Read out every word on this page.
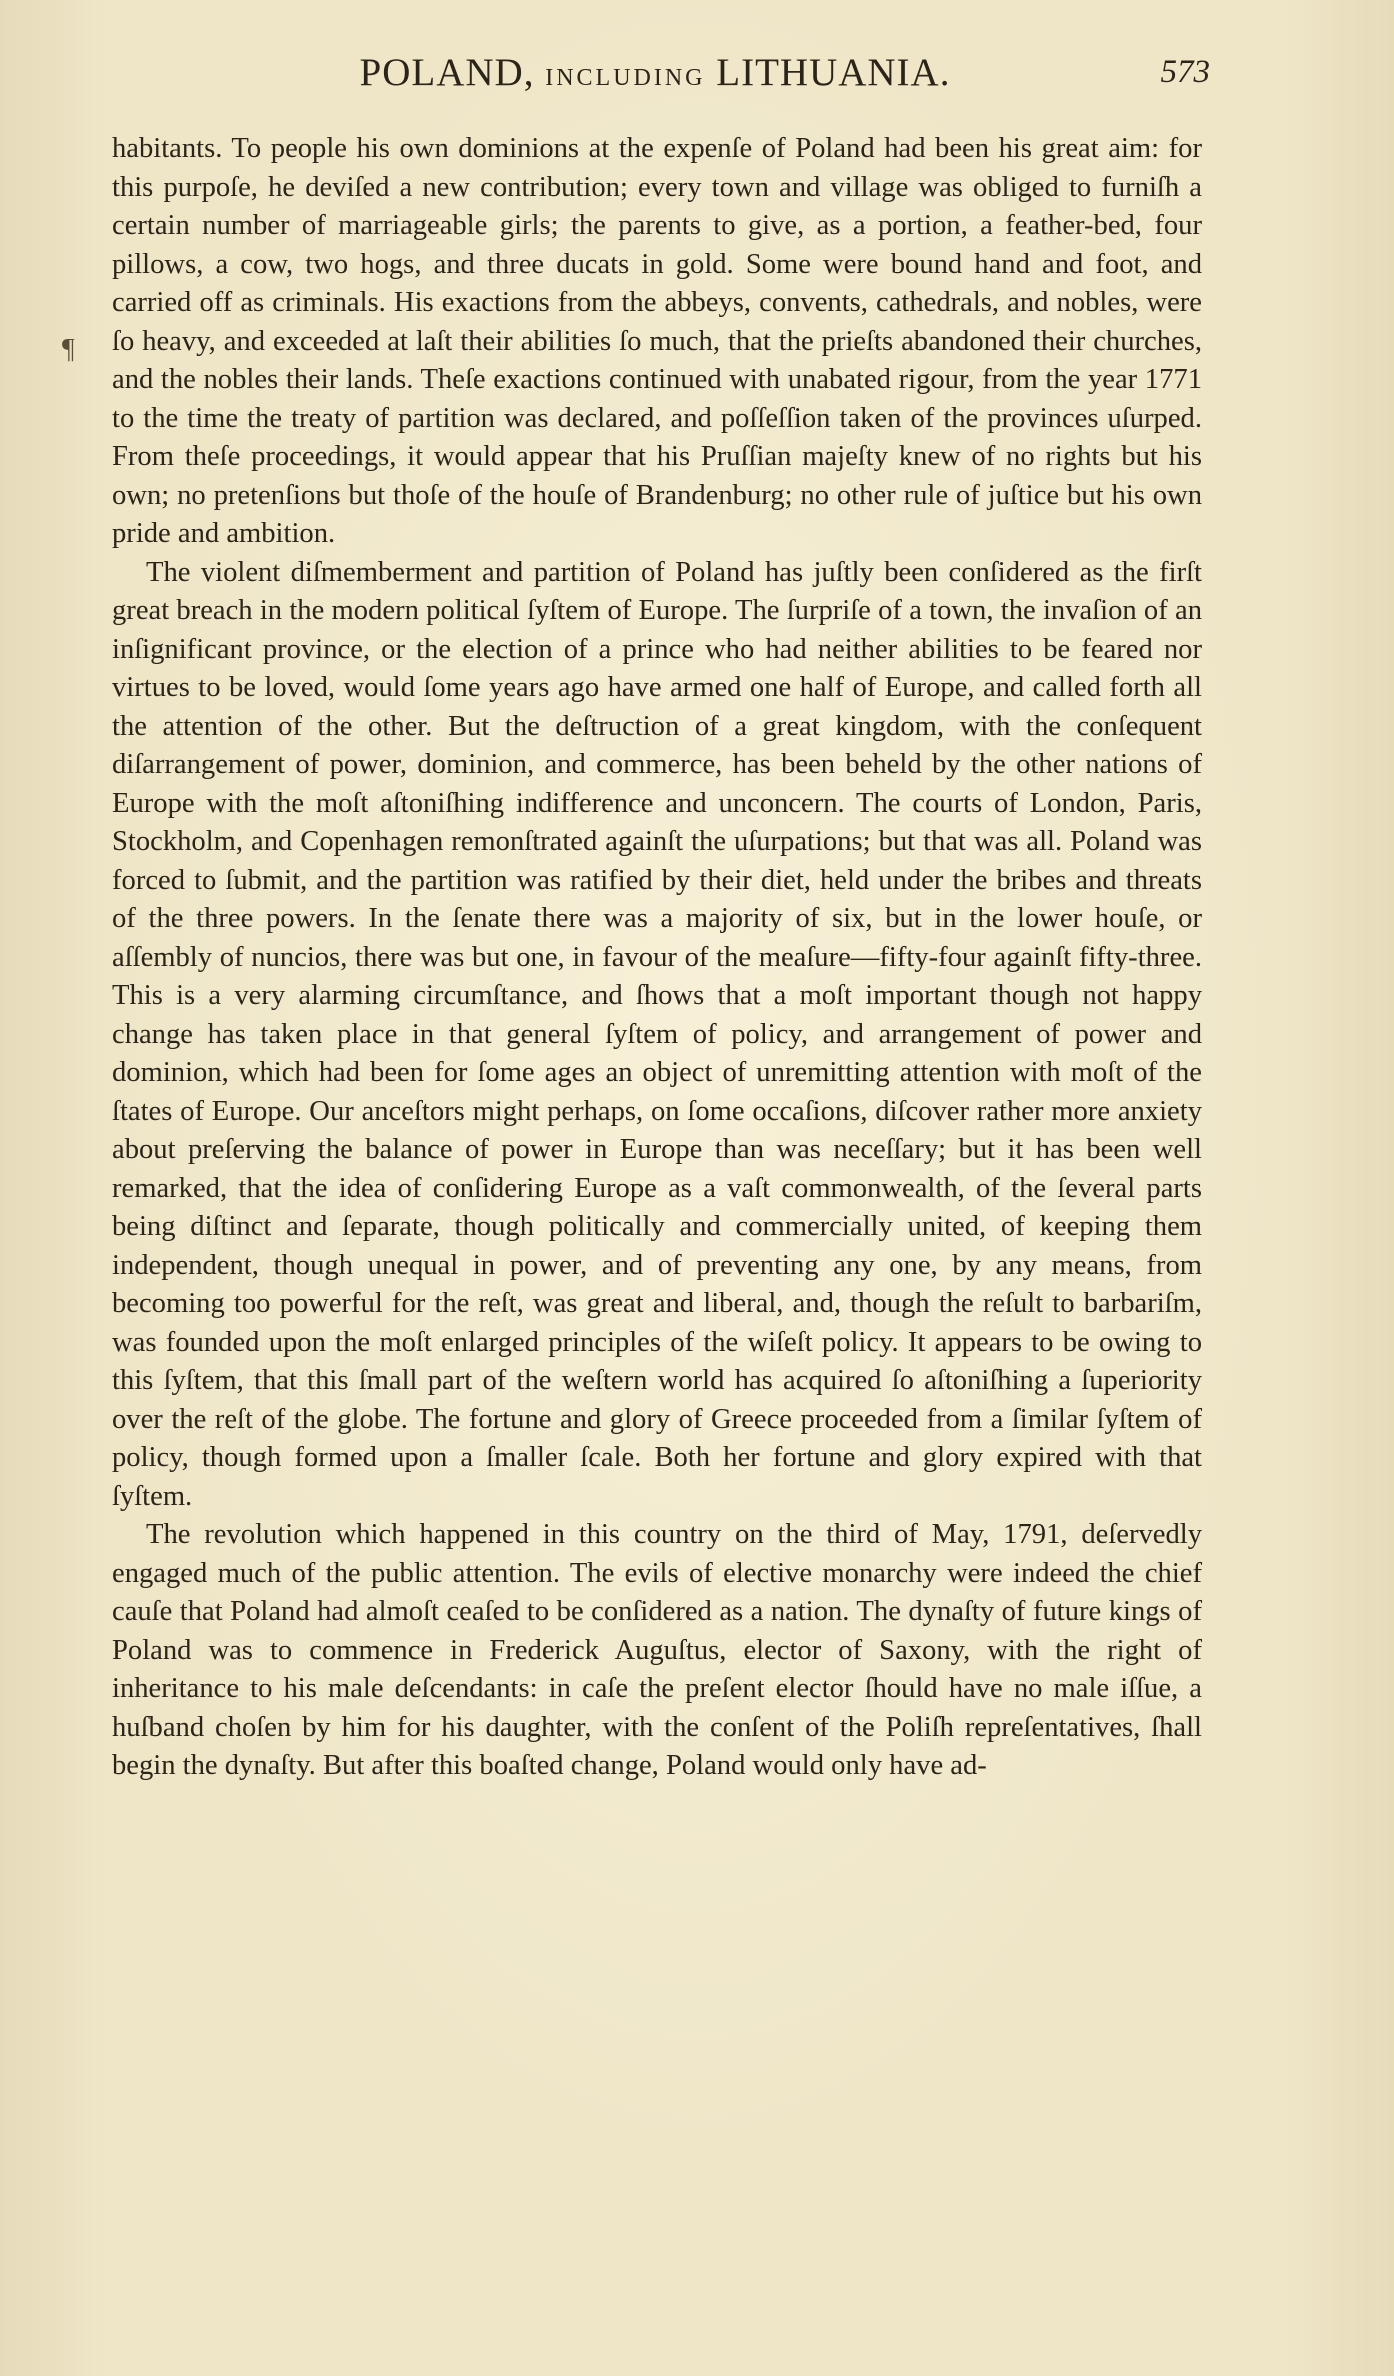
POLAND, INCLUDING LITHUANIA.	573
¶

habitants. To people his own dominions at the expenſe of Poland had been his great aim: for this purpoſe, he deviſed a new contribution; every town and village was obliged to furniſh a certain number of marriageable girls; the parents to give, as a portion, a feather-bed, four pillows, a cow, two hogs, and three ducats in gold. Some were bound hand and foot, and carried off as criminals. His exactions from the abbeys, convents, cathedrals, and nobles, were ſo heavy, and exceeded at laſt their abilities ſo much, that the prieſts abandoned their churches, and the nobles their lands. Theſe exactions continued with unabated rigour, from the year 1771 to the time the treaty of partition was declared, and poſſeſſion taken of the provinces uſurped. From theſe proceedings, it would appear that his Pruſſian majeſty knew of no rights but his own; no pretenſions but thoſe of the houſe of Brandenburg; no other rule of juſtice but his own pride and ambition.

The violent diſmemberment and partition of Poland has juſtly been conſidered as the firſt great breach in the modern political ſyſtem of Europe. The ſurpriſe of a town, the invaſion of an inſignificant province, or the election of a prince who had neither abilities to be feared nor virtues to be loved, would ſome years ago have armed one half of Europe, and called forth all the attention of the other. But the deſtruction of a great kingdom, with the conſequent diſarrangement of power, dominion, and commerce, has been beheld by the other nations of Europe with the moſt aſtoniſhing indifference and unconcern. The courts of London, Paris, Stockholm, and Copenhagen remonſtrated againſt the uſurpations; but that was all. Poland was forced to ſubmit, and the partition was ratified by their diet, held under the bribes and threats of the three powers. In the ſenate there was a majority of six, but in the lower houſe, or aſſembly of nuncios, there was but one, in favour of the meaſure—fifty-four againſt fifty-three. This is a very alarming circumſtance, and ſhows that a moſt important though not happy change has taken place in that general ſyſtem of policy, and arrangement of power and dominion, which had been for ſome ages an object of unremitting attention with moſt of the ſtates of Europe. Our anceſtors might perhaps, on ſome occaſions, diſcover rather more anxiety about preſerving the balance of power in Europe than was neceſſary; but it has been well remarked, that the idea of conſidering Europe as a vaſt commonwealth, of the ſeveral parts being diſtinct and ſeparate, though politically and commercially united, of keeping them independent, though unequal in power, and of preventing any one, by any means, from becoming too powerful for the reſt, was great and liberal, and, though the reſult to barbariſm, was founded upon the moſt enlarged principles of the wiſeſt policy. It appears to be owing to this ſyſtem, that this ſmall part of the weſtern world has acquired ſo aſtoniſhing a ſuperiority over the reſt of the globe. The fortune and glory of Greece proceeded from a ſimilar ſyſtem of policy, though formed upon a ſmaller ſcale. Both her fortune and glory expired with that ſyſtem.

The revolution which happened in this country on the third of May, 1791, deſervedly engaged much of the public attention. The evils of elective monarchy were indeed the chief cauſe that Poland had almoſt ceaſed to be conſidered as a nation. The dynaſty of future kings of Poland was to commence in Frederick Auguſtus, elector of Saxony, with the right of inheritance to his male deſcendants: in caſe the preſent elector ſhould have no male iſſue, a huſband choſen by him for his daughter, with the conſent of the Poliſh repreſentatives, ſhall begin the dynaſty. But after this boaſted change, Poland would only have ad-
